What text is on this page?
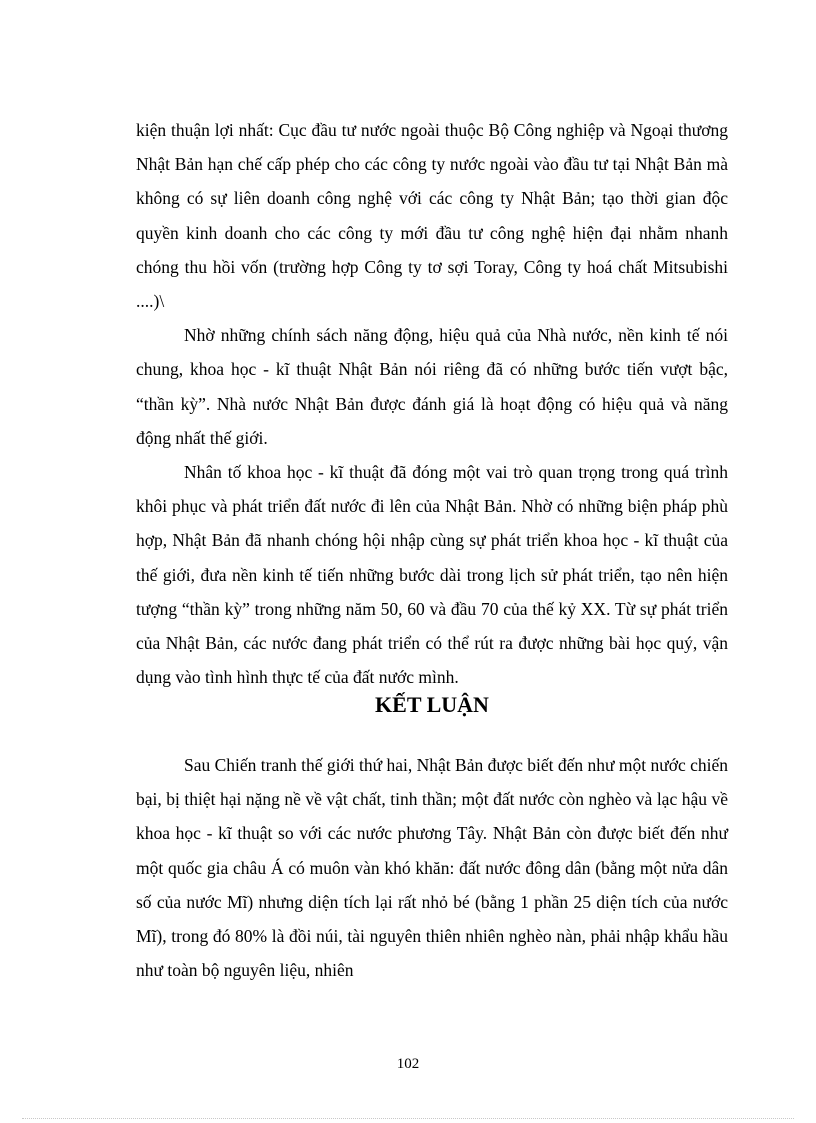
kiện thuận lợi nhất: Cục đầu tư nước ngoài thuộc Bộ Công nghiệp và Ngoại thương Nhật Bản hạn chế cấp phép cho các công ty nước ngoài vào đầu tư tại Nhật Bản mà không có sự liên doanh công nghệ với các công ty Nhật Bản; tạo thời gian độc quyền kinh doanh cho các công ty mới đầu tư công nghệ hiện đại nhằm nhanh chóng thu hồi vốn (trường hợp Công ty tơ sợi Toray, Công ty hoá chất Mitsubishi ....)\

Nhờ những chính sách năng động, hiệu quả của Nhà nước, nền kinh tế nói chung, khoa học - kĩ thuật Nhật Bản nói riêng đã có những bước tiến vượt bậc, “thần kỳ”. Nhà nước Nhật Bản được đánh giá là hoạt động có hiệu quả và năng động nhất thế giới.

Nhân tố khoa học - kĩ thuật đã đóng một vai trò quan trọng trong quá trình khôi phục và phát triển đất nước đi lên của Nhật Bản. Nhờ có những biện pháp phù hợp, Nhật Bản đã nhanh chóng hội nhập cùng sự phát triển khoa học - kĩ thuật của thế giới, đưa nền kinh tế tiến những bước dài trong lịch sử phát triển, tạo nên hiện tượng “thần kỳ” trong những năm 50, 60 và đầu 70 của thế kỷ XX. Từ sự phát triển của Nhật Bản, các nước đang phát triển có thể rút ra được những bài học quý, vận dụng vào tình hình thực tế của đất nước mình.

KẾT LUẬN

Sau Chiến tranh thế giới thứ hai, Nhật Bản được biết đến như một nước chiến bại, bị thiệt hại nặng nề về vật chất, tinh thần; một đất nước còn nghèo và lạc hậu về khoa học - kĩ thuật so với các nước phương Tây. Nhật Bản còn được biết đến như một quốc gia châu Á có muôn vàn khó khăn: đất nước đông dân (bằng một nửa dân số của nước Mĩ) nhưng diện tích lại rất nhỏ bé (bằng 1 phần 25 diện tích của nước Mĩ), trong đó 80% là đồi núi, tài nguyên thiên nhiên nghèo nàn, phải nhập khẩu hầu như toàn bộ nguyên liệu, nhiên

102
